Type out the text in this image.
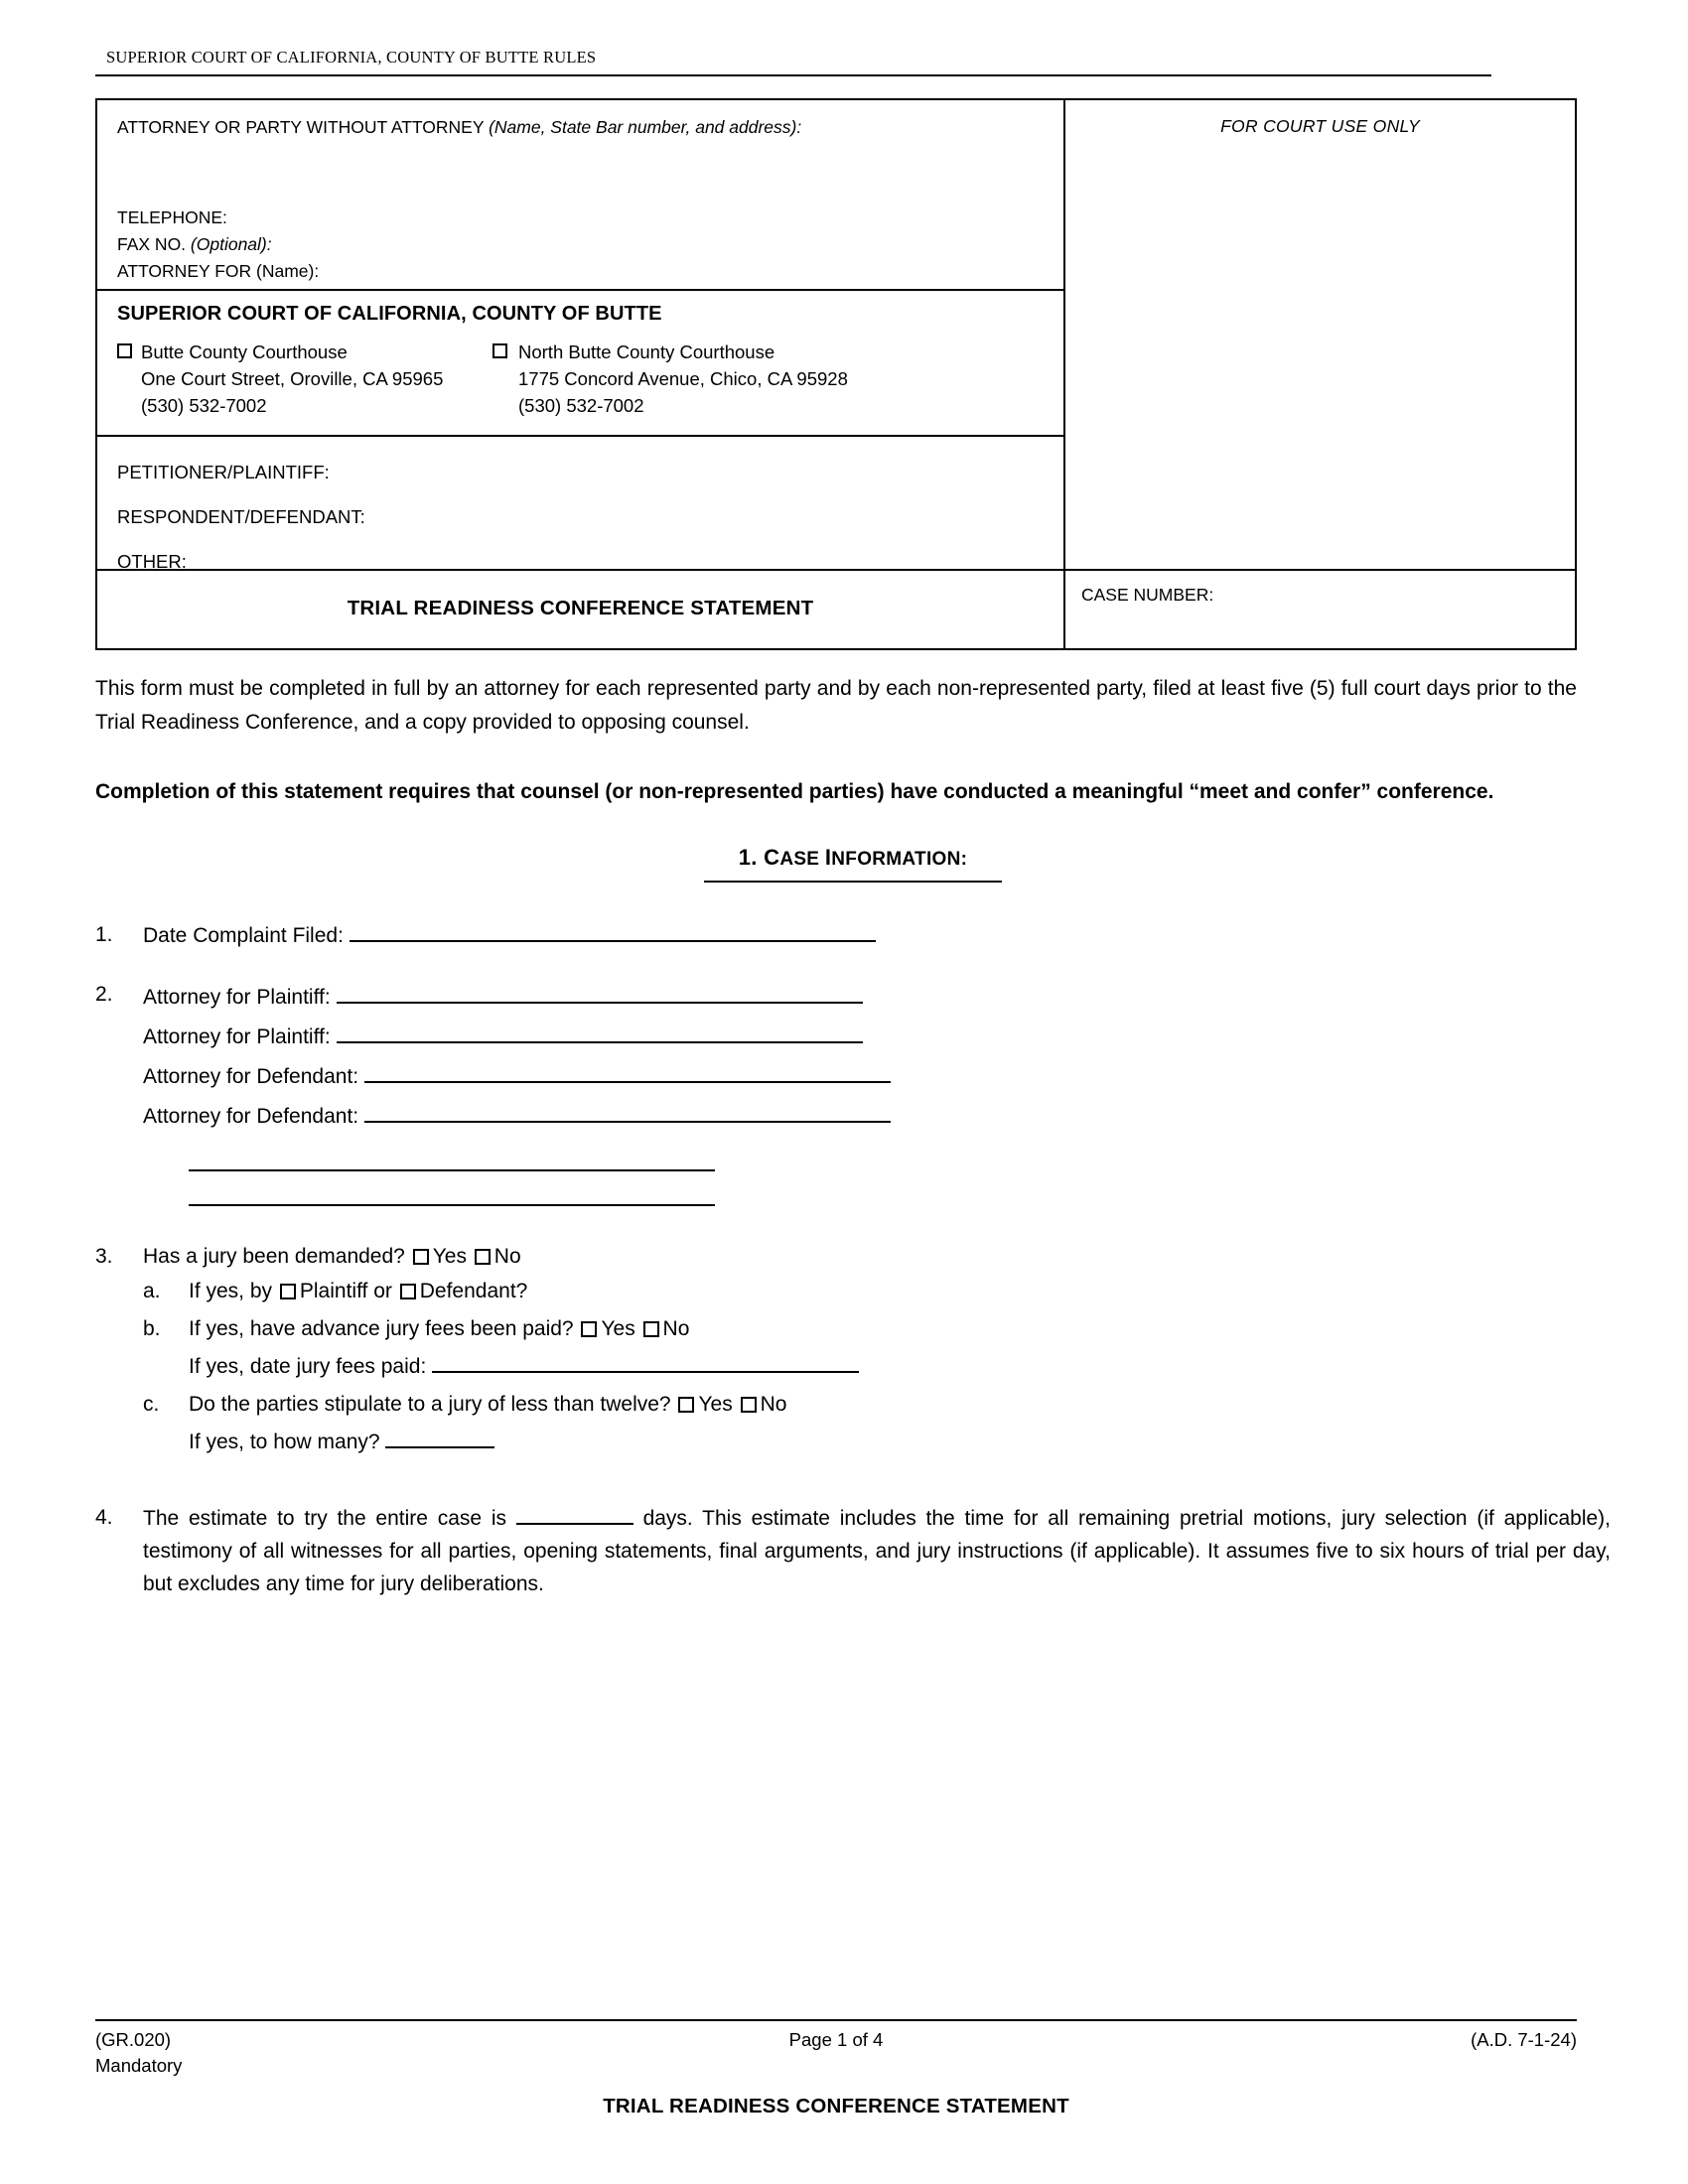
SUPERIOR COURT OF CALIFORNIA, COUNTY OF BUTTE RULES
ATTORNEY OR PARTY WITHOUT ATTORNEY (Name, State Bar number, and address):
TELEPHONE:
FAX NO. (Optional):
ATTORNEY FOR (Name):
SUPERIOR COURT OF CALIFORNIA, COUNTY OF BUTTE
Butte County Courthouse
One Court Street, Oroville, CA 95965
(530) 532-7002
North Butte County Courthouse
1775 Concord Avenue, Chico, CA 95928
(530) 532-7002
PETITIONER/PLAINTIFF:
RESPONDENT/DEFENDANT:
OTHER:
FOR COURT USE ONLY
TRIAL READINESS CONFERENCE STATEMENT
CASE NUMBER:
This form must be completed in full by an attorney for each represented party and by each non-represented party, filed at least five (5) full court days prior to the Trial Readiness Conference, and a copy provided to opposing counsel.
Completion of this statement requires that counsel (or non-represented parties) have conducted a meaningful “meet and confer” conference.
1. CASE INFORMATION:
1.	Date Complaint Filed:
2.	Attorney for Plaintiff:
Attorney for Plaintiff:
Attorney for Defendant:
Attorney for Defendant:
3.	Has a jury been demanded? Yes No
a.	If yes, by Plaintiff or Defendant?
b.	If yes, have advance jury fees been paid? Yes No
If yes, date jury fees paid:
c.	Do the parties stipulate to a jury of less than twelve? Yes No
If yes, to how many?
4.	The estimate to try the entire case is	days. This estimate includes the time for all remaining pretrial motions, jury selection (if applicable), testimony of all witnesses for all parties, opening statements, final arguments, and jury instructions (if applicable). It assumes five to six hours of trial per day, but excludes any time for jury deliberations.
(GR.020)
Mandatory
Page 1 of 4	(A.D. 7-1-24)
TRIAL READINESS CONFERENCE STATEMENT
